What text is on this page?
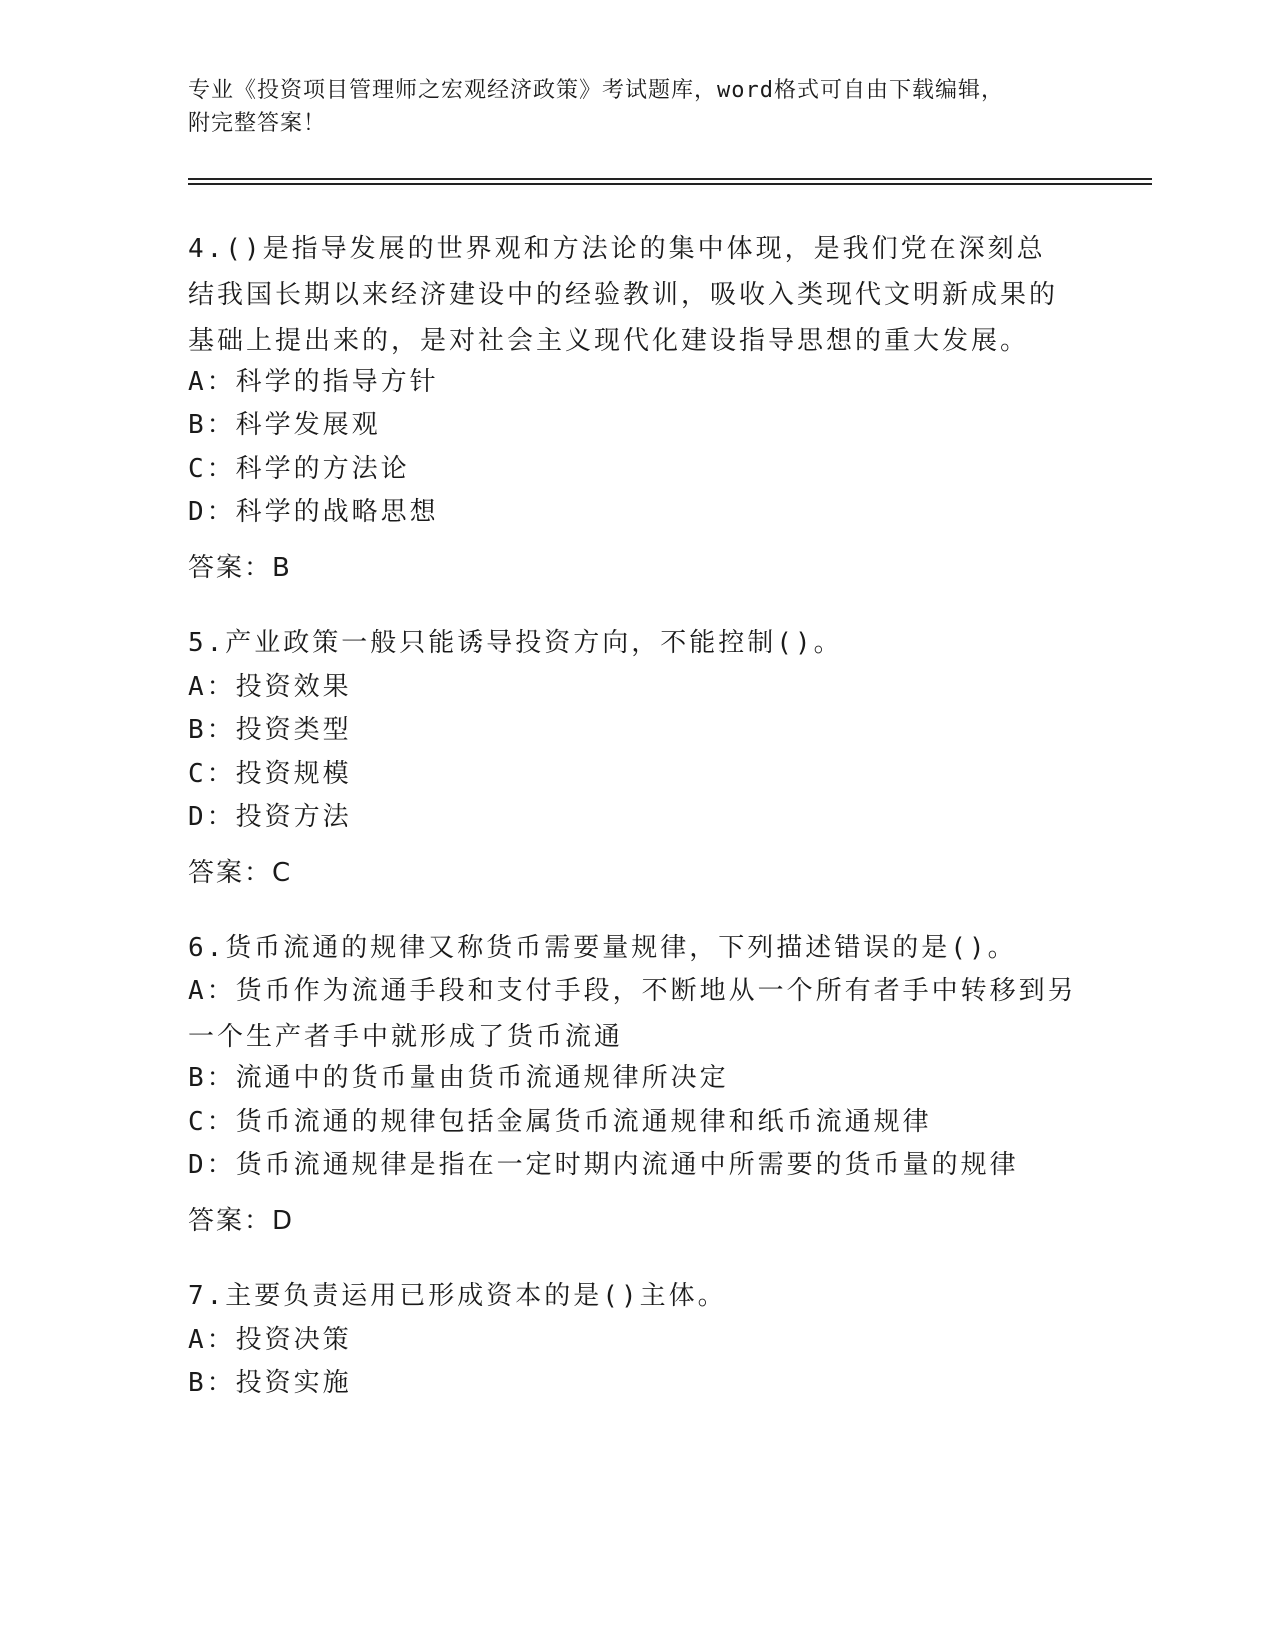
专业《投资项目管理师之宏观经济政策》考试题库，word格式可自由下载编辑，
附完整答案！
4.()是指导发展的世界观和方法论的集中体现，是我们党在深刻总结我国长期以来经济建设中的经验教训，吸收入类现代文明新成果的基础上提出来的，是对社会主义现代化建设指导思想的重大发展。
A：科学的指导方针
B：科学发展观
C：科学的方法论
D：科学的战略思想
答案：B
5.产业政策一般只能诱导投资方向，不能控制()。
A：投资效果
B：投资类型
C：投资规模
D：投资方法
答案：C
6.货币流通的规律又称货币需要量规律，下列描述错误的是()。
A：货币作为流通手段和支付手段，不断地从一个所有者手中转移到另一个生产者手中就形成了货币流通
B：流通中的货币量由货币流通规律所决定
C：货币流通的规律包括金属货币流通规律和纸币流通规律
D：货币流通规律是指在一定时期内流通中所需要的货币量的规律
答案：D
7.主要负责运用已形成资本的是()主体。
A：投资决策
B：投资实施
